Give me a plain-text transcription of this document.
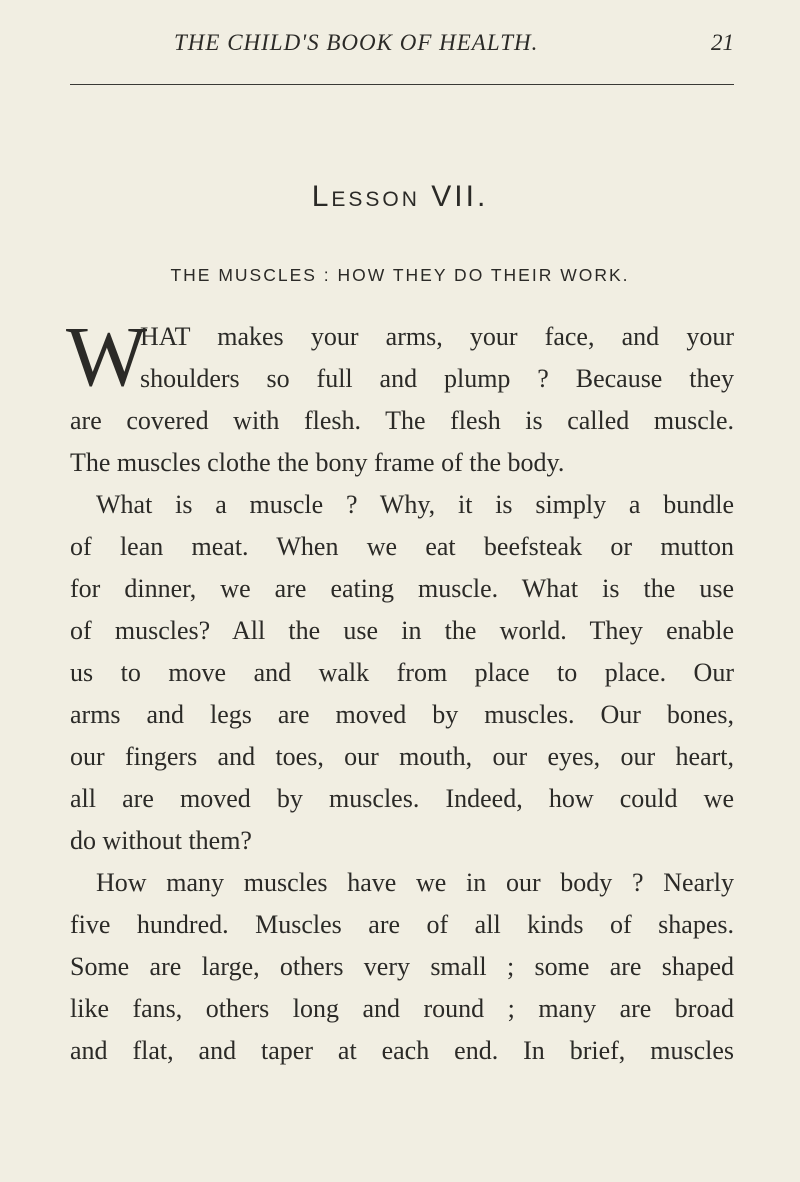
THE CHILD'S BOOK OF HEALTH.	21
Lesson VII.
THE MUSCLES : HOW THEY DO THEIR WORK.
W
HAT makes your arms, your face, and your
shoulders so full and plump ? Because they
are covered with flesh. The flesh is called muscle.
The muscles clothe the bony frame of the body.
What is a muscle ? Why, it is simply a bundle
of lean meat. When we eat beefsteak or mutton
for dinner, we are eating muscle. What is the use
of muscles? All the use in the world. They enable
us to move and walk from place to place. Our
arms and legs are moved by muscles. Our bones,
our fingers and toes, our mouth, our eyes, our heart,
all are moved by muscles. Indeed, how could we
do without them?
How many muscles have we in our body ? Nearly
five hundred. Muscles are of all kinds of shapes.
Some are large, others very small ; some are shaped
like fans, others long and round ; many are broad
and flat, and taper at each end. In brief, muscles
